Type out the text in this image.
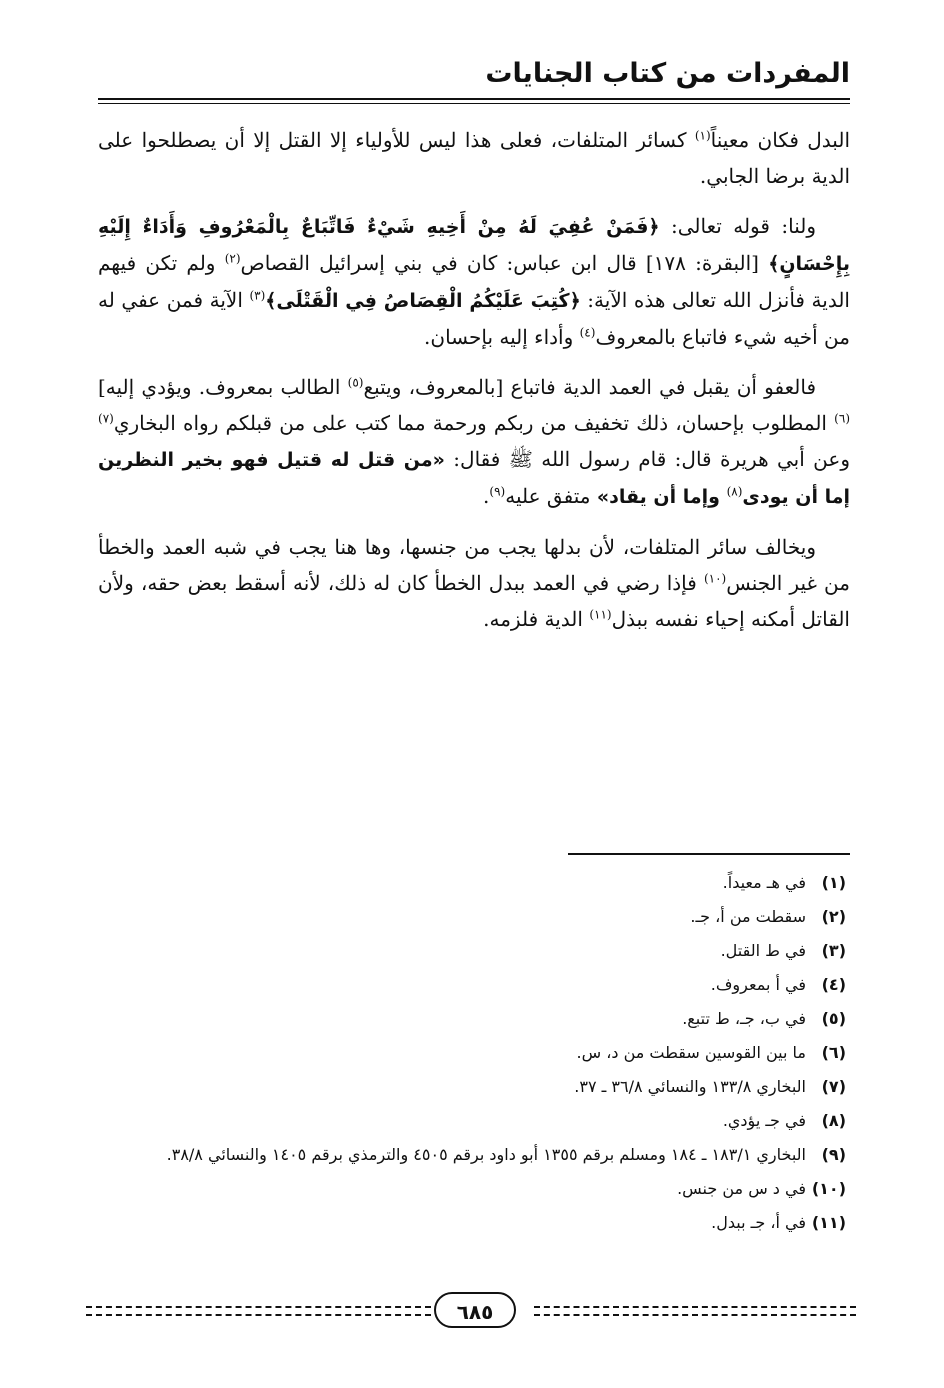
المفردات من كتاب الجنايات

البدل فكان معيناً$^{(١)}$ كسائر المتلفات، فعلى هذا ليس للأولياء إلا القتل إلا أن يصطلحوا على الدية برضا الجابي.

ولنا: قوله تعالى: ﴿فَمَنْ عُفِيَ لَهُ مِنْ أَخِيهِ شَيْءٌ فَاتِّبَاعٌ بِالْمَعْرُوفِ وَأَدَاءٌ إِلَيْهِ بِإِحْسَانٍ﴾ [البقرة: ١٧٨] قال ابن عباس: كان في بني إسرائيل القصاص$^{(٢)}$ ولم تكن فيهم الدية فأنزل الله تعالى هذه الآية: ﴿كُتِبَ عَلَيْكُمُ الْقِصَاصُ فِي الْقَتْلَى﴾$^{(٣)}$ الآية فمن عفي له من أخيه شيء فاتباع بالمعروف$^{(٤)}$ وأداء إليه بإحسان.

فالعفو أن يقبل في العمد الدية فاتباع [بالمعروف، ويتبع$^{(٥)}$ الطالب بمعروف. ويؤدي إليه]$^{(٦)}$ المطلوب بإحسان، ذلك تخفيف من ربكم ورحمة مما كتب على من قبلكم رواه البخاري$^{(٧)}$ وعن أبي هريرة قال: قام رسول الله ﷺ فقال: «من قتل له قتيل فهو بخير النظرين إما أن يودى$^{(٨)}$ وإما أن يقاد» متفق عليه$^{(٩)}$.

ويخالف سائر المتلفات، لأن بدلها يجب من جنسها، وها هنا يجب في شبه العمد والخطأ من غير الجنس$^{(١٠)}$ فإذا رضي في العمد ببدل الخطأ كان له ذلك، لأنه أسقط بعض حقه، ولأن القاتل أمكنه إحياء نفسه ببذل$^{(١١)}$ الدية فلزمه.

(١)
في هـ معيداً.
(٢)
سقطت من أ، جـ.
(٣)
في ط القتل.
(٤)
في أ بمعروف.
(٥)
في ب، جـ، ط تتبع.
(٦)
ما بين القوسين سقطت من د، س.
(٧)
البخاري ١٣٣/٨ والنسائي ٣٦/٨ ـ ٣٧.
(٨)
في جـ يؤدي.
(٩)
البخاري ١٨٣/١ ـ ١٨٤ ومسلم برقم ١٣٥٥ أبو داود برقم ٤٥٠٥ والترمذي برقم ١٤٠٥ والنسائي ٣٨/٨.
(١٠)
في د س من جنس.
(١١)
في أ، جـ ببدل.
٦٨٥
